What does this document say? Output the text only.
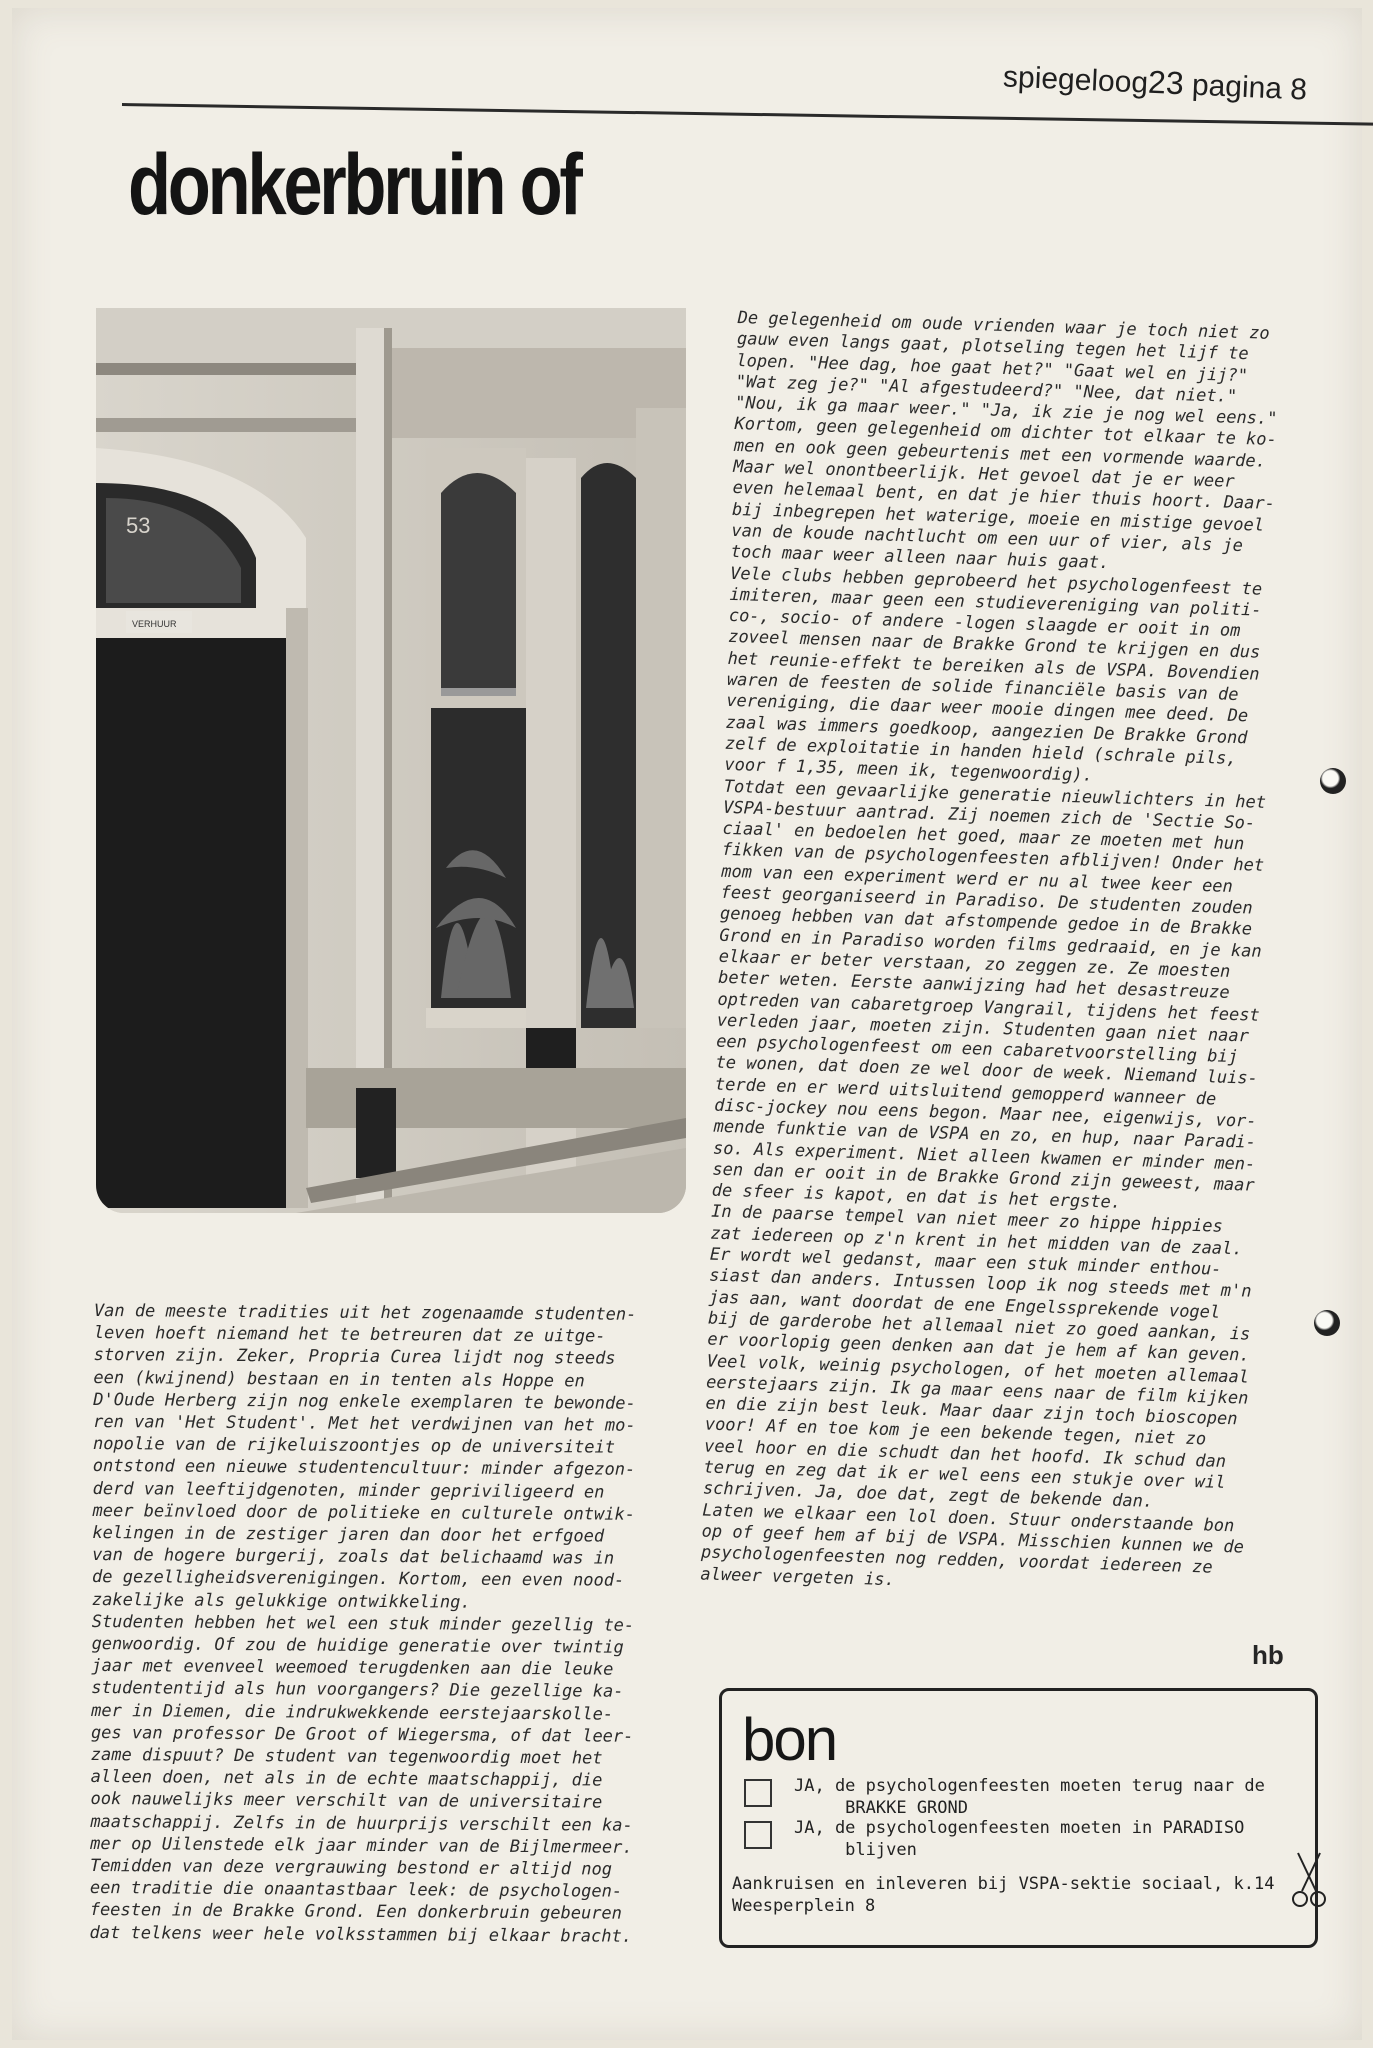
spiegeloog23 pagina 8
donkerbruin of
53
VERHUUR
Van de meeste tradities uit het zogenaamde studenten-
leven hoeft niemand het te betreuren dat ze uitge-
storven zijn. Zeker, Propria Curea lijdt nog steeds
een (kwijnend) bestaan en in tenten als Hoppe en
D'Oude Herberg zijn nog enkele exemplaren te bewonde-
ren van 'Het Student'. Met het verdwijnen van het mo-
nopolie van de rijkeluiszoontjes op de universiteit
ontstond een nieuwe studentencultuur: minder afgezon-
derd van leeftijdgenoten, minder gepriviligeerd en
meer beïnvloed door de politieke en culturele ontwik-
kelingen in de zestiger jaren dan door het erfgoed
van de hogere burgerij, zoals dat belichaamd was in
de gezelligheidsverenigingen. Kortom, een even nood-
zakelijke als gelukkige ontwikkeling.
Studenten hebben het wel een stuk minder gezellig te-
genwoordig. Of zou de huidige generatie over twintig
jaar met evenveel weemoed terugdenken aan die leuke
studententijd als hun voorgangers? Die gezellige ka-
mer in Diemen, die indrukwekkende eerstejaarskolle-
ges van professor De Groot of Wiegersma, of dat leer-
zame dispuut? De student van tegenwoordig moet het
alleen doen, net als in de echte maatschappij, die
ook nauwelijks meer verschilt van de universitaire
maatschappij. Zelfs in de huurprijs verschilt een ka-
mer op Uilenstede elk jaar minder van de Bijlmermeer.
Temidden van deze vergrauwing bestond er altijd nog
een traditie die onaantastbaar leek: de psychologen-
feesten in de Brakke Grond. Een donkerbruin gebeuren
dat telkens weer hele volksstammen bij elkaar bracht.
De gelegenheid om oude vrienden waar je toch niet zo
gauw even langs gaat, plotseling tegen het lijf te
lopen. "Hee dag, hoe gaat het?" "Gaat wel en jij?"
"Wat zeg je?" "Al afgestudeerd?" "Nee, dat niet."
"Nou, ik ga maar weer." "Ja, ik zie je nog wel eens."
Kortom, geen gelegenheid om dichter tot elkaar te ko-
men en ook geen gebeurtenis met een vormende waarde.
Maar wel onontbeerlijk. Het gevoel dat je er weer
even helemaal bent, en dat je hier thuis hoort. Daar-
bij inbegrepen het waterige, moeie en mistige gevoel
van de koude nachtlucht om een uur of vier, als je
toch maar weer alleen naar huis gaat.
Vele clubs hebben geprobeerd het psychologenfeest te
imiteren, maar geen een studievereniging van politi-
co-, socio- of andere -logen slaagde er ooit in om
zoveel mensen naar de Brakke Grond te krijgen en dus
het reunie-effekt te bereiken als de VSPA. Bovendien
waren de feesten de solide financiële basis van de
vereniging, die daar weer mooie dingen mee deed. De
zaal was immers goedkoop, aangezien De Brakke Grond
zelf de exploitatie in handen hield (schrale pils,
voor f 1,35, meen ik, tegenwoordig).
Totdat een gevaarlijke generatie nieuwlichters in het
VSPA-bestuur aantrad. Zij noemen zich de 'Sectie So-
ciaal' en bedoelen het goed, maar ze moeten met hun
fikken van de psychologenfeesten afblijven! Onder het
mom van een experiment werd er nu al twee keer een
feest georganiseerd in Paradiso. De studenten zouden
genoeg hebben van dat afstompende gedoe in de Brakke
Grond en in Paradiso worden films gedraaid, en je kan
elkaar er beter verstaan, zo zeggen ze. Ze moesten
beter weten. Eerste aanwijzing had het desastreuze
optreden van cabaretgroep Vangrail, tijdens het feest
verleden jaar, moeten zijn. Studenten gaan niet naar
een psychologenfeest om een cabaretvoorstelling bij
te wonen, dat doen ze wel door de week. Niemand luis-
terde en er werd uitsluitend gemopperd wanneer de
disc-jockey nou eens begon. Maar nee, eigenwijs, vor-
mende funktie van de VSPA en zo, en hup, naar Paradi-
so. Als experiment. Niet alleen kwamen er minder men-
sen dan er ooit in de Brakke Grond zijn geweest, maar
de sfeer is kapot, en dat is het ergste.
In de paarse tempel van niet meer zo hippe hippies
zat iedereen op z'n krent in het midden van de zaal.
Er wordt wel gedanst, maar een stuk minder enthou-
siast dan anders. Intussen loop ik nog steeds met m'n
jas aan, want doordat de ene Engelssprekende vogel
bij de garderobe het allemaal niet zo goed aankan, is
er voorlopig geen denken aan dat je hem af kan geven.
Veel volk, weinig psychologen, of het moeten allemaal
eerstejaars zijn. Ik ga maar eens naar de film kijken
en die zijn best leuk. Maar daar zijn toch bioscopen
voor! Af en toe kom je een bekende tegen, niet zo
veel hoor en die schudt dan het hoofd. Ik schud dan
terug en zeg dat ik er wel eens een stukje over wil
schrijven. Ja, doe dat, zegt de bekende dan.
Laten we elkaar een lol doen. Stuur onderstaande bon
op of geef hem af bij de VSPA. Misschien kunnen we de
psychologenfeesten nog redden, voordat iedereen ze
alweer vergeten is.
hb
bon
JA, de psychologenfeesten moeten terug naar de
BRAKKE GROND
JA, de psychologenfeesten moeten in PARADISO
blijven
Aankruisen en inleveren bij VSPA-sektie sociaal, k.14
Weesperplein 8
